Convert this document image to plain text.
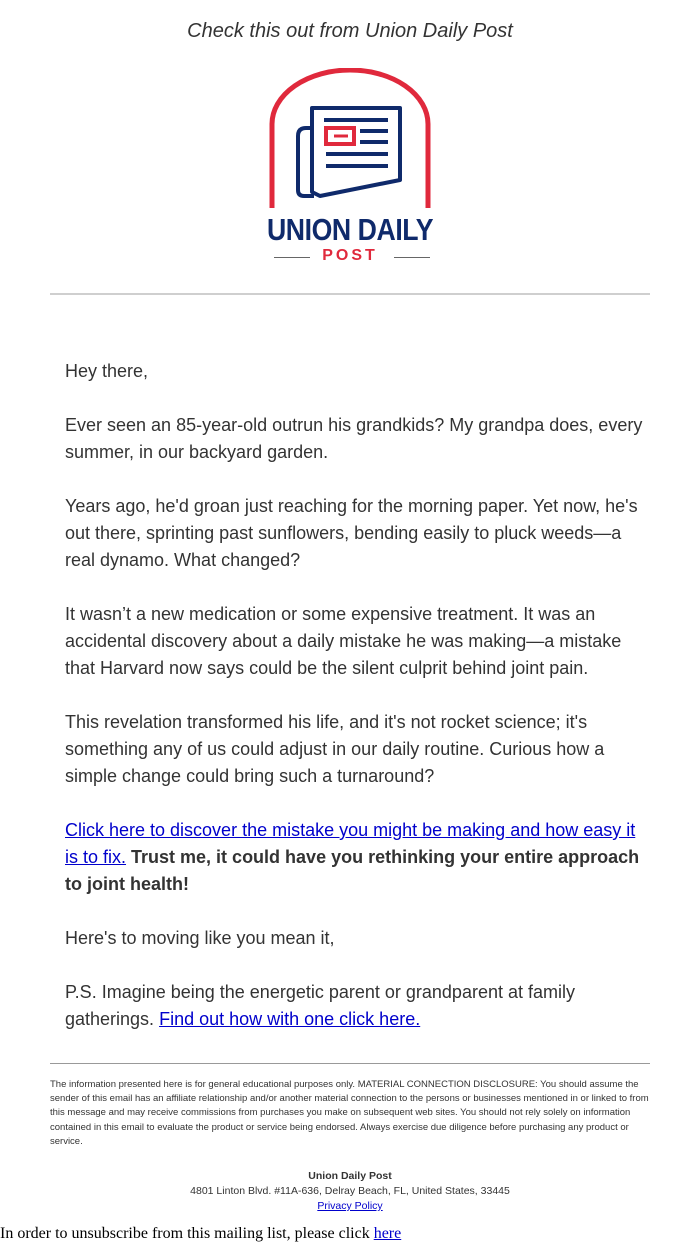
Check this out from Union Daily Post
UNION DAILY
POST

Hey there,

Ever seen an 85-year-old outrun his grandkids? My grandpa does, every summer, in our backyard garden.

Years ago, he'd groan just reaching for the morning paper. Yet now, he's out there, sprinting past sunflowers, bending easily to pluck weeds—a real dynamo. What changed?

It wasn’t a new medication or some expensive treatment. It was an accidental discovery about a daily mistake he was making—a mistake that Harvard now says could be the silent culprit behind joint pain.

This revelation transformed his life, and it's not rocket science; it's something any of us could adjust in our daily routine. Curious how a simple change could bring such a turnaround?

Click here to discover the mistake you might be making and how easy it is to fix. Trust me, it could have you rethinking your entire approach to joint health!

Here's to moving like you mean it,

P.S. Imagine being the energetic parent or grandparent at family gatherings. Find out how with one click here.

The information presented here is for general educational purposes only. MATERIAL CONNECTION DISCLOSURE: You should assume the sender of this email has an affiliate relationship and/or another material connection to the persons or businesses mentioned in or linked to from this message and may receive commissions from purchases you make on subsequent web sites. You should not rely solely on information contained in this email to evaluate the product or service being endorsed. Always exercise due diligence before purchasing any product or service.
Union Daily Post
4801 Linton Blvd. #11A-636, Delray Beach, FL, United States, 33445
Privacy Policy
In order to unsubscribe from this mailing list, please click here
